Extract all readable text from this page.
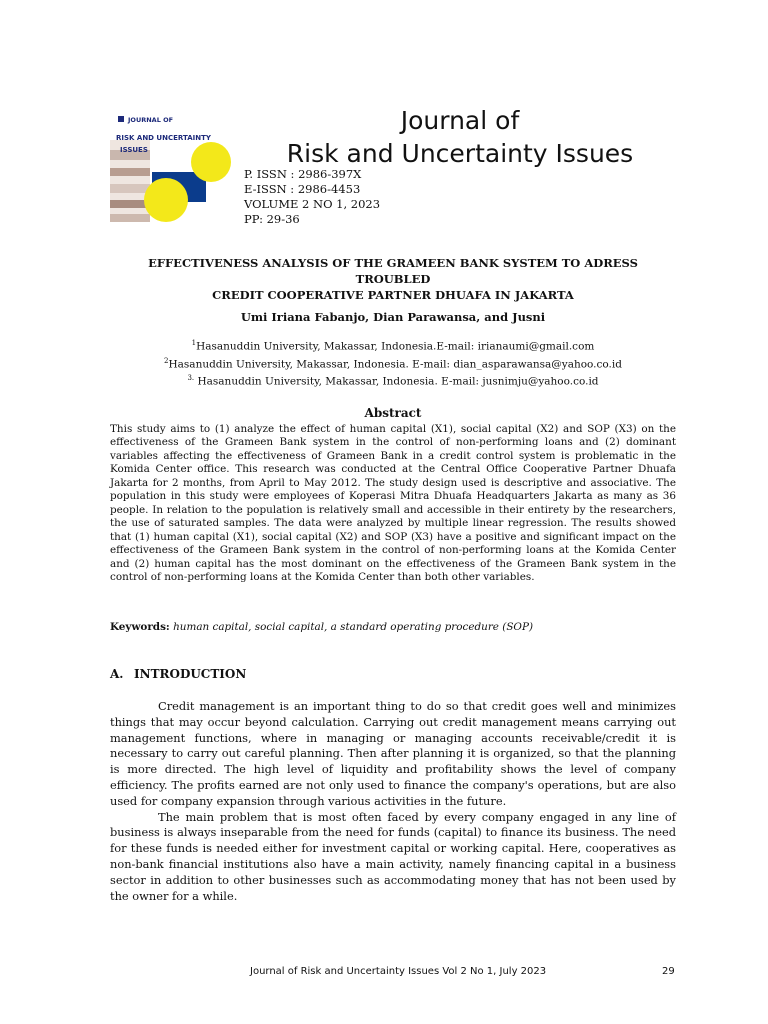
JOURNAL OF
RISK AND UNCERTAINTY
ISSUES
Journal of
Risk and Uncertainty Issues
P. ISSN : 2986-397X
E-ISSN : 2986-4453
VOLUME 2 NO 1, 2023
PP: 29-36
EFFECTIVENESS ANALYSIS OF THE GRAMEEN BANK SYSTEM TO ADRESS TROUBLED
CREDIT COOPERATIVE PARTNER DHUAFA IN JAKARTA
Umi Iriana Fabanjo, Dian Parawansa, and Jusni
$^1$Hasanuddin University, Makassar, Indonesia.E-mail: irianaumi@gmail.com
$^2$Hasanuddin University, Makassar, Indonesia. E-mail: dian_asparawansa@yahoo.co.id
$^{3.}$ Hasanuddin University, Makassar, Indonesia. E-mail: jusnimju@yahoo.co.id
Abstract
This study aims to (1) analyze the effect of human capital (X1), social capital (X2) and SOP (X3) on the effectiveness of the Grameen Bank system in the control of non-performing loans and (2) dominant variables affecting the effectiveness of Grameen Bank in a credit control system is problematic in the Komida Center office. This research was conducted at the Central Office Cooperative Partner Dhuafa Jakarta for 2 months, from April to May 2012. The study design used is descriptive and associative. The population in this study were employees of Koperasi Mitra Dhuafa Headquarters Jakarta as many as 36 people. In relation to the population is relatively small and accessible in their entirety by the researchers, the use of saturated samples. The data were analyzed by multiple linear regression. The results showed that (1) human capital (X1), social capital (X2) and SOP (X3) have a positive and significant impact on the effectiveness of the Grameen Bank system in the control of non-performing loans at the Komida Center and (2) human capital has the most dominant on the effectiveness of the Grameen Bank system in the control of non-performing loans at the Komida Center than both other variables.
Keywords: human capital, social capital, a standard operating procedure (SOP)
A. INTRODUCTION

Credit management is an important thing to do so that credit goes well and minimizes things that may occur beyond calculation. Carrying out credit management means carrying out management functions, where in managing or managing accounts receivable/credit it is necessary to carry out careful planning. Then after planning it is organized, so that the planning is more directed. The high level of liquidity and profitability shows the level of company efficiency. The profits earned are not only used to finance the company's operations, but are also used for company expansion through various activities in the future.

The main problem that is most often faced by every company engaged in any line of business is always inseparable from the need for funds (capital) to finance its business. The need for these funds is needed either for investment capital or working capital. Here, cooperatives as non-bank financial institutions also have a main activity, namely financing capital in a business sector in addition to other businesses such as accommodating money that has not been used by the owner for a while.

Journal of Risk and Uncertainty Issues Vol 2 No 1, July 2023	29
